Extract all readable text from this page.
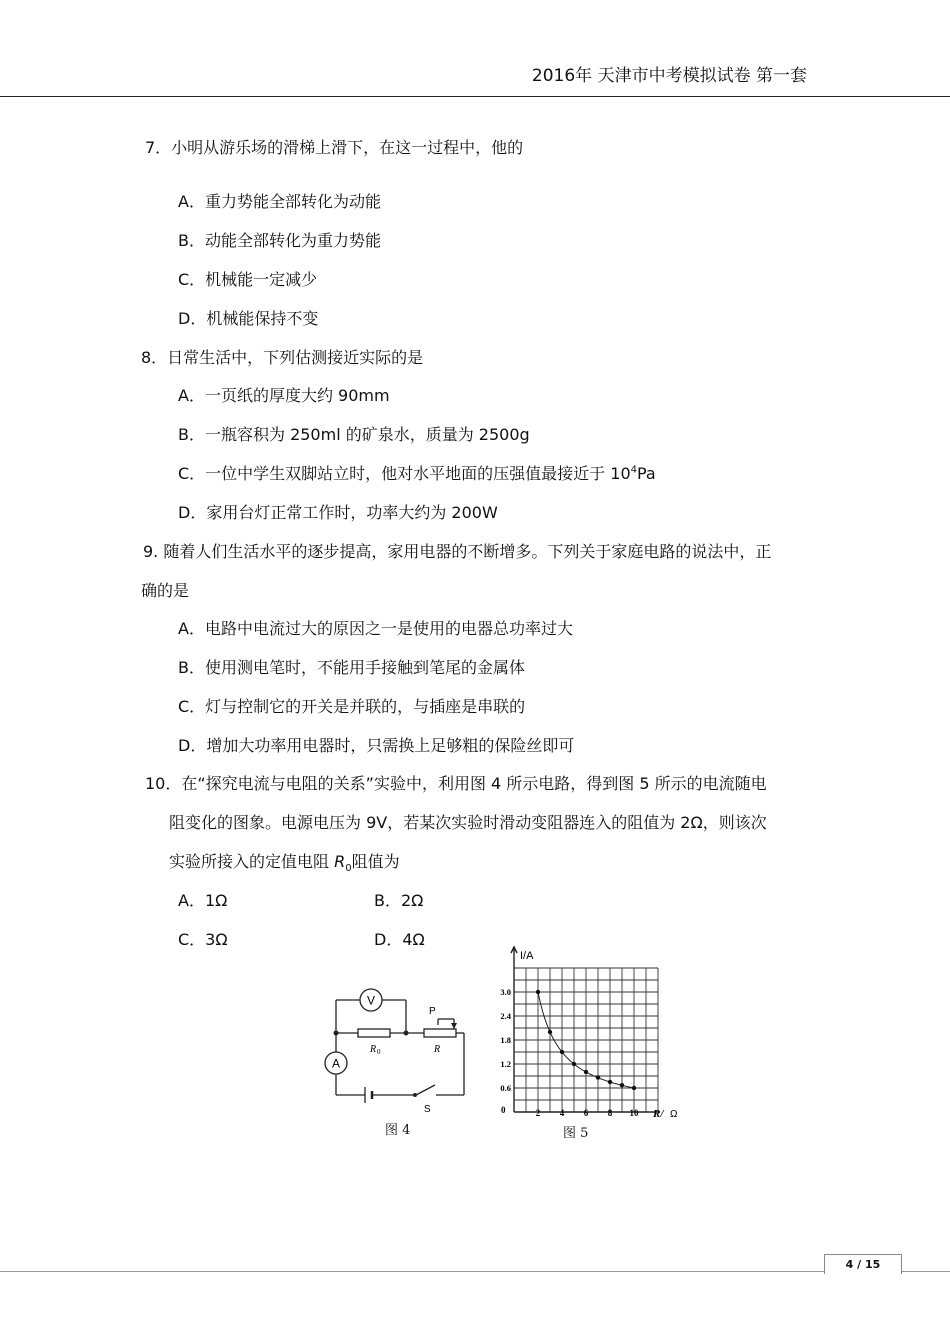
2016年 天津市中考模拟试卷 第一套
7．小明从游乐场的滑梯上滑下，在这一过程中，他的
A．重力势能全部转化为动能
B．动能全部转化为重力势能
C．机械能一定减少
D．机械能保持不变
8．日常生活中，下列估测接近实际的是
A．一页纸的厚度大约 90mm
B．一瓶容积为 250ml 的矿泉水，质量为 2500g
C．一位中学生双脚站立时，他对水平地面的压强值最接近于 $10^4Pa$
D．家用台灯正常工作时，功率大约为 200W
9. 随着人们生活水平的逐步提高，家用电器的不断增多。下列关于家庭电路的说法中，正
确的是
A．电路中电流过大的原因之一是使用的电器总功率过大
B．使用测电笔时，不能用手接触到笔尾的金属体
C．灯与控制它的开关是并联的，与插座是串联的
D．增加大功率用电器时，只需换上足够粗的保险丝即可
10．在“探究电流与电阻的关系”实验中，利用图 4 所示电路，得到图 5 所示的电流随电
阻变化的图象。电源电压为 9V，若某次实验时滑动变阻器连入的阻值为 2Ω，则该次
实验所接入的定值电阻 $R_0$阻值为
A．1Ω	B．2Ω
C．3Ω	D．4Ω
V
A
R 0	R
P
S
图 4
2 4 6 8 10
0.6
1.2
1.8
2.4
3.0
I/A
0	R/ Ω
图 5
4 / 15
